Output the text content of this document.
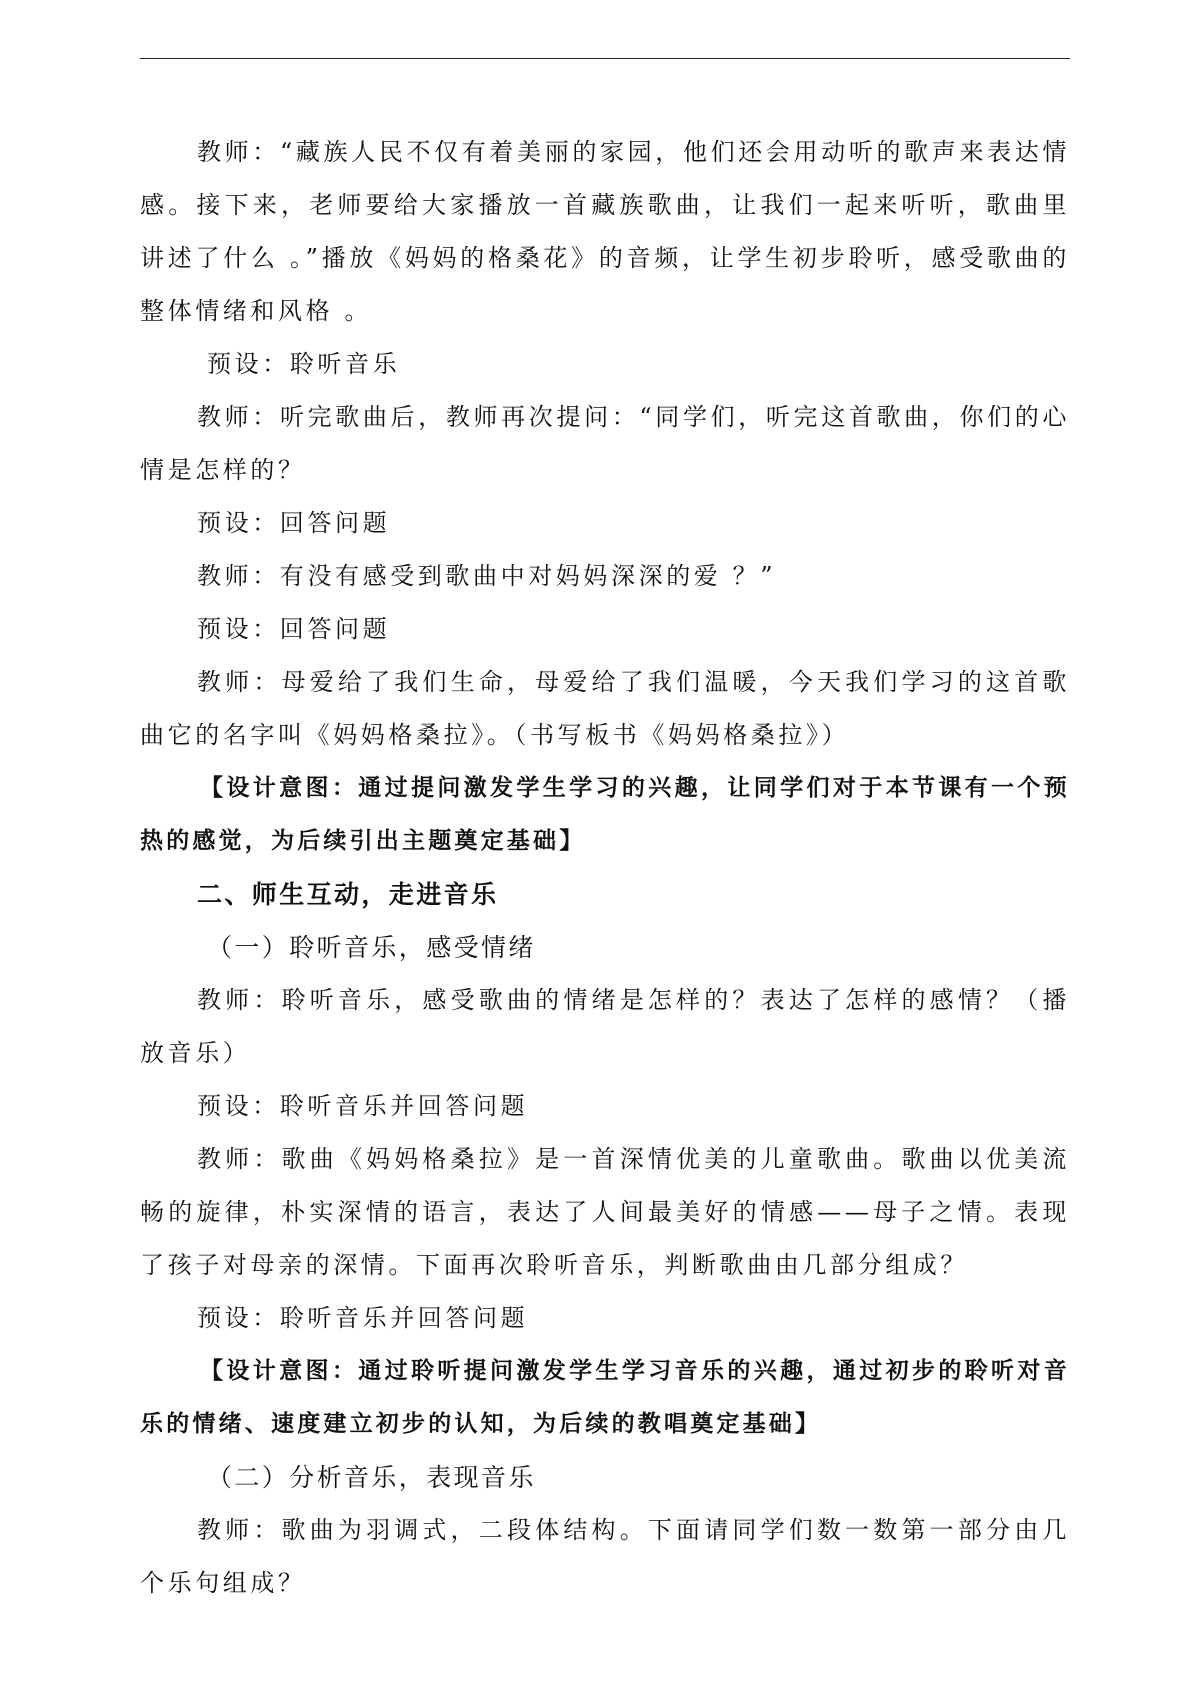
教师：“藏族人民不仅有着美丽的家园，他们还会用动听的歌声来表达情感。接下来，老师要给大家播放一首藏族歌曲，让我们一起来听听，歌曲里讲述了什么 。”播放《妈妈的格桑花》的音频，让学生初步聆听，感受歌曲的整体情绪和风格 。

预设：聆听音乐

教师：听完歌曲后，教师再次提问：“同学们，听完这首歌曲，你们的心情是怎样的？

预设：回答问题

教师：有没有感受到歌曲中对妈妈深深的爱 ？”

预设：回答问题

教师：母爱给了我们生命，母爱给了我们温暖，今天我们学习的这首歌曲它的名字叫《妈妈格桑拉》。（书写板书《妈妈格桑拉》）

【设计意图：通过提问激发学生学习的兴趣，让同学们对于本节课有一个预热的感觉，为后续引出主题奠定基础】

二、师生互动，走进音乐

（一）聆听音乐，感受情绪

教师：聆听音乐，感受歌曲的情绪是怎样的？表达了怎样的感情？（播放音乐）

预设：聆听音乐并回答问题

教师：歌曲《妈妈格桑拉》是一首深情优美的儿童歌曲。歌曲以优美流畅的旋律，朴实深情的语言，表达了人间最美好的情感——母子之情。表现了孩子对母亲的深情。下面再次聆听音乐，判断歌曲由几部分组成？

预设：聆听音乐并回答问题

【设计意图：通过聆听提问激发学生学习音乐的兴趣，通过初步的聆听对音乐的情绪、速度建立初步的认知，为后续的教唱奠定基础】

（二）分析音乐，表现音乐

教师：歌曲为羽调式，二段体结构。下面请同学们数一数第一部分由几个乐句组成？
